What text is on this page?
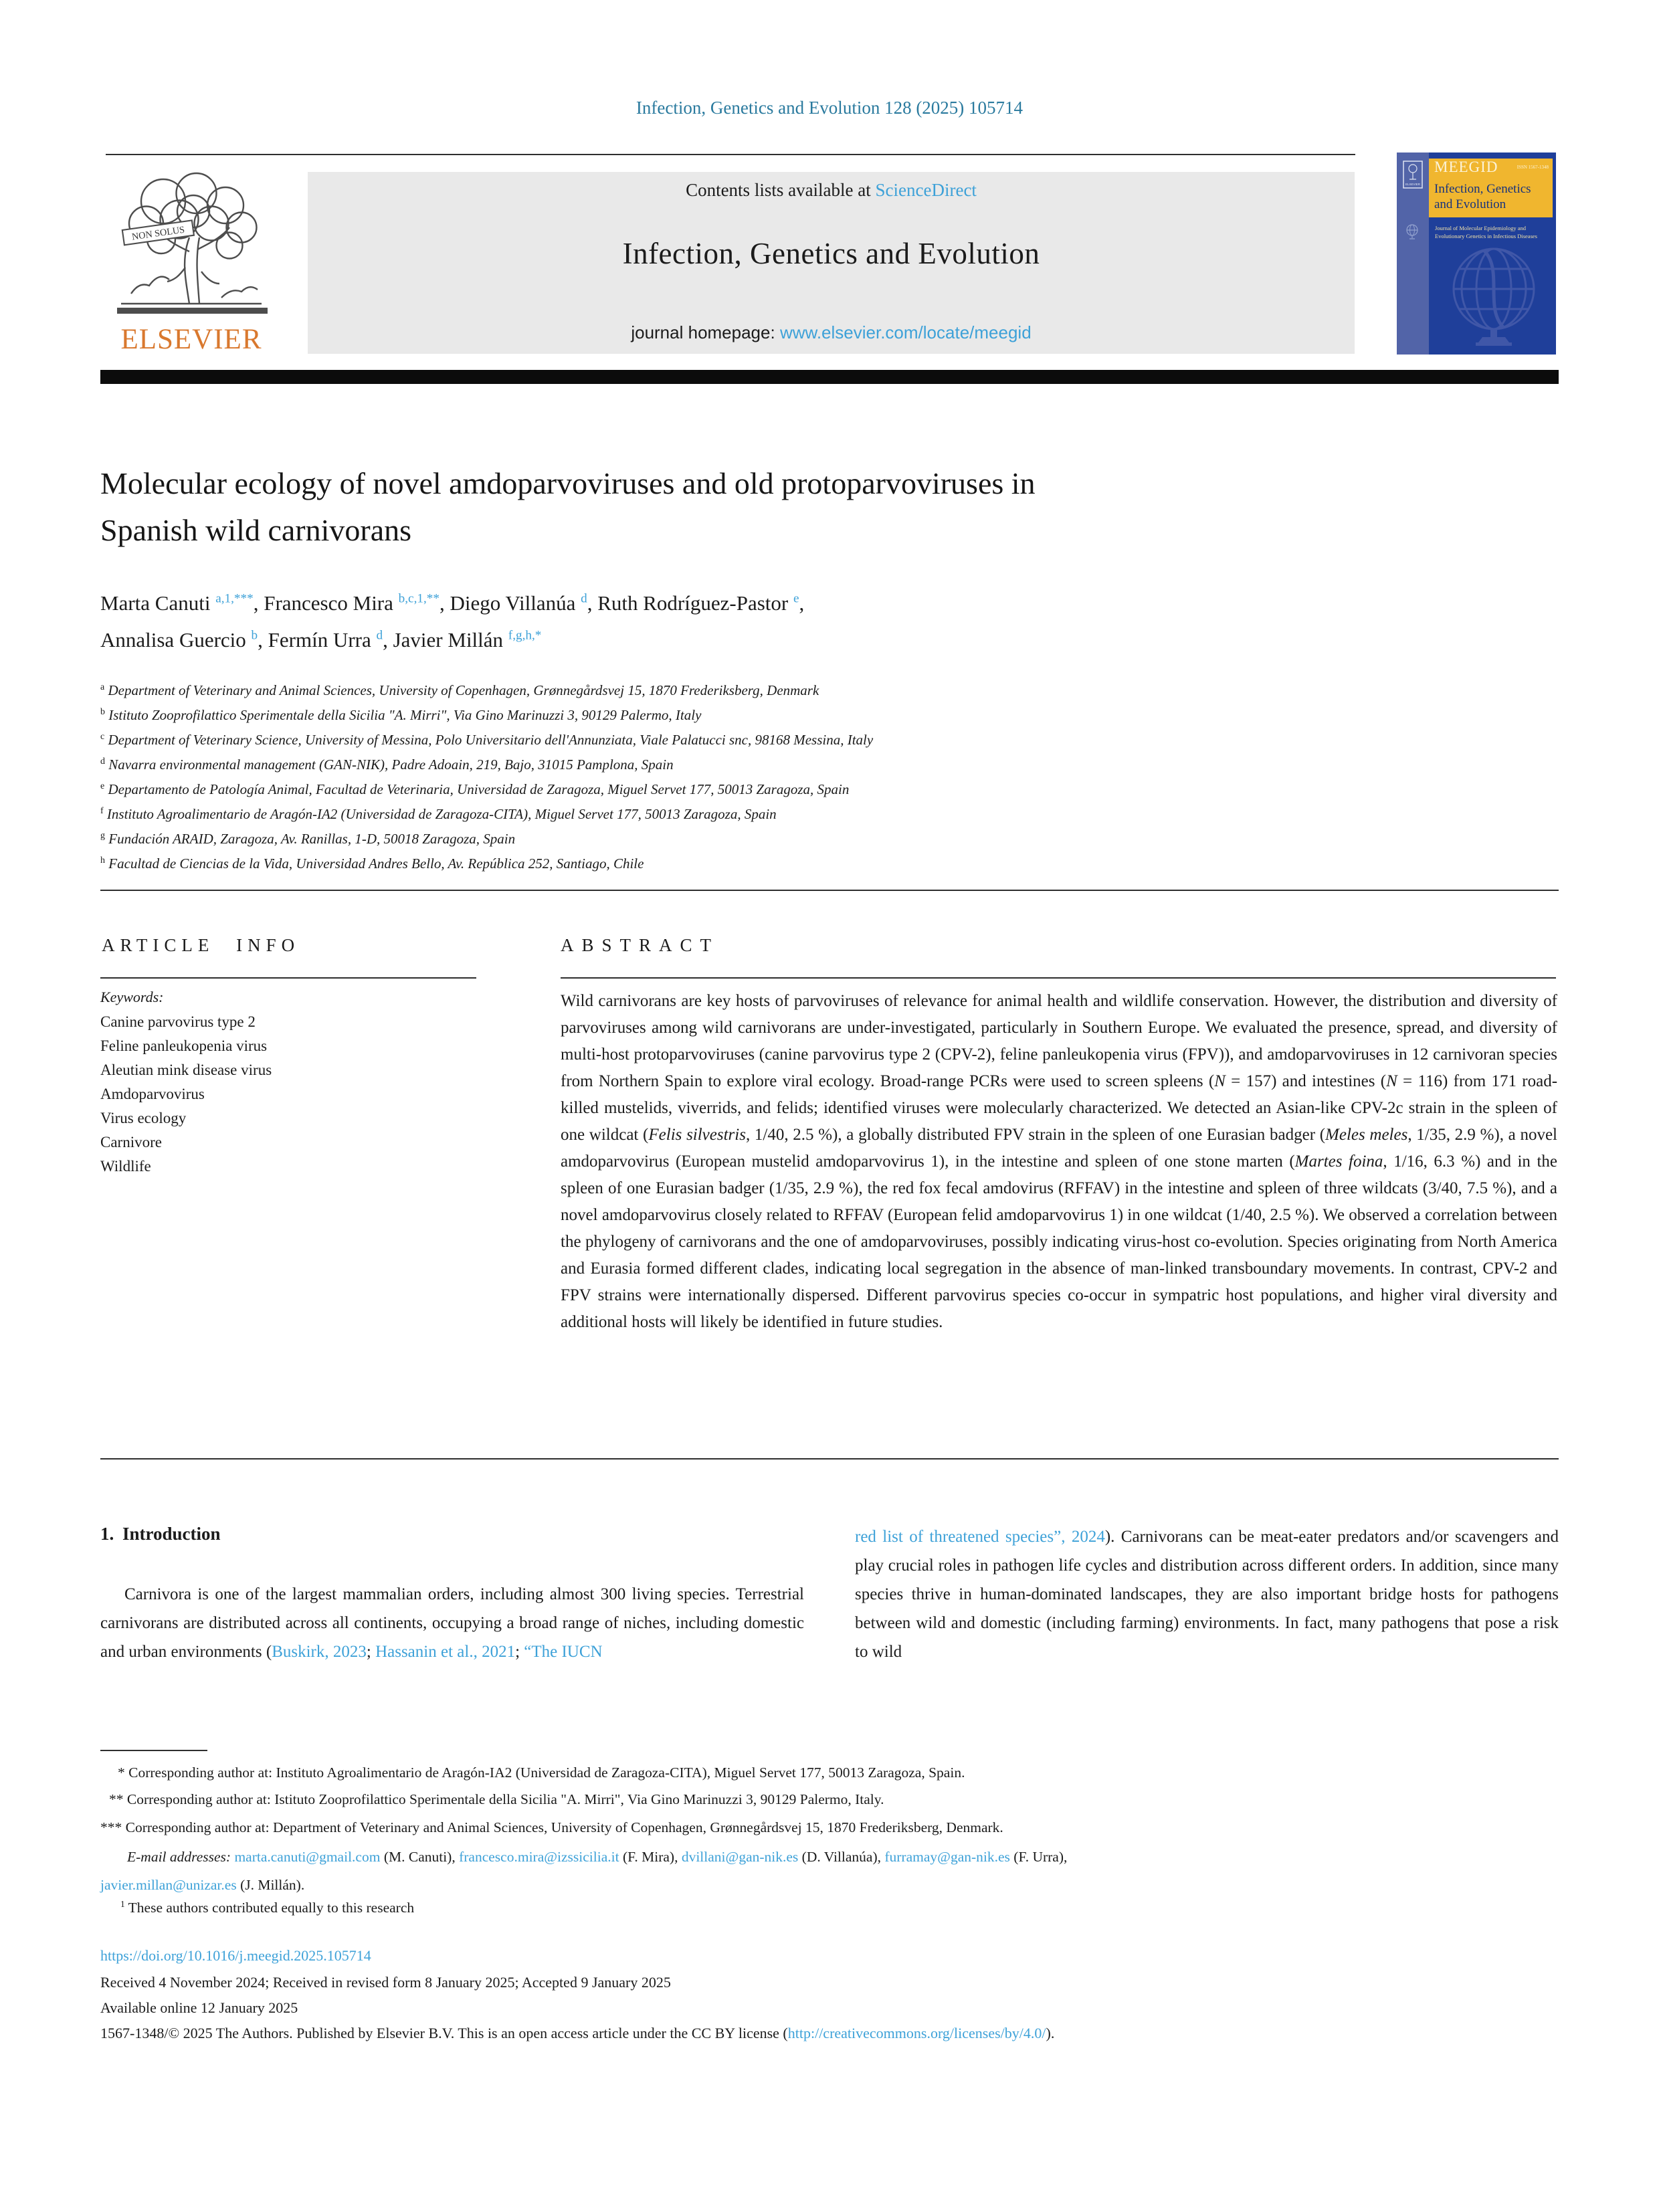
Infection, Genetics and Evolution 128 (2025) 105714
NON SOLUS
ELSEVIER
Contents lists available at ScienceDirect
Infection, Genetics and Evolution
journal homepage: www.elsevier.com/locate/meegid
ELSEVIER
MEEGID	ISSN 1567-1348
Infection, Genetics
and Evolution
Journal of Molecular Epidemiology and
Evolutionary Genetics in Infectious Diseases
Molecular ecology of novel amdoparvoviruses and old protoparvoviruses in
Spanish wild carnivorans
Marta Canuti $^{a,1,***}$, Francesco Mira $^{b,c,1,**}$, Diego Villanúa $^d$, Ruth Rodríguez-Pastor $^e$,
Annalisa Guercio $^b$, Fermín Urra $^d$, Javier Millán $^{f,g,h,*}$
$^a$ Department of Veterinary and Animal Sciences, University of Copenhagen, Grønnegårdsvej 15, 1870 Frederiksberg, Denmark
$^b$ Istituto Zooprofilattico Sperimentale della Sicilia "A. Mirri", Via Gino Marinuzzi 3, 90129 Palermo, Italy
$^c$ Department of Veterinary Science, University of Messina, Polo Universitario dell'Annunziata, Viale Palatucci snc, 98168 Messina, Italy
$^d$ Navarra environmental management (GAN-NIK), Padre Adoain, 219, Bajo, 31015 Pamplona, Spain
$^e$ Departamento de Patología Animal, Facultad de Veterinaria, Universidad de Zaragoza, Miguel Servet 177, 50013 Zaragoza, Spain
$^f$ Instituto Agroalimentario de Aragón-IA2 (Universidad de Zaragoza-CITA), Miguel Servet 177, 50013 Zaragoza, Spain
$^g$ Fundación ARAID, Zaragoza, Av. Ranillas, 1-D, 50018 Zaragoza, Spain
$^h$ Facultad de Ciencias de la Vida, Universidad Andres Bello, Av. República 252, Santiago, Chile
ARTICLE INFO
Keywords:
Canine parvovirus type 2
Feline panleukopenia virus
Aleutian mink disease virus
Amdoparvovirus
Virus ecology
Carnivore
Wildlife
ABSTRACT
Wild carnivorans are key hosts of parvoviruses of relevance for animal health and wildlife conservation. However, the distribution and diversity of parvoviruses among wild carnivorans are under-investigated, particularly in Southern Europe. We evaluated the presence, spread, and diversity of multi-host protoparvoviruses (canine parvovirus type 2 (CPV-2), feline panleukopenia virus (FPV)), and amdoparvoviruses in 12 carnivoran species from Northern Spain to explore viral ecology. Broad-range PCRs were used to screen spleens (N = 157) and intestines (N = 116) from 171 road-killed mustelids, viverrids, and felids; identified viruses were molecularly characterized. We detected an Asian-like CPV-2c strain in the spleen of one wildcat (Felis silvestris, 1/40, 2.5 %), a globally distributed FPV strain in the spleen of one Eurasian badger (Meles meles, 1/35, 2.9 %), a novel amdoparvovirus (European mustelid amdoparvovirus 1), in the intestine and spleen of one stone marten (Martes foina, 1/16, 6.3 %) and in the spleen of one Eurasian badger (1/35, 2.9 %), the red fox fecal amdovirus (RFFAV) in the intestine and spleen of three wildcats (3/40, 7.5 %), and a novel amdoparvovirus closely related to RFFAV (European felid amdoparvovirus 1) in one wildcat (1/40, 2.5 %). We observed a correlation between the phylogeny of carnivorans and the one of amdoparvoviruses, possibly indicating virus-host co-evolution. Species originating from North America and Eurasia formed different clades, indicating local segregation in the absence of man-linked transboundary movements. In contrast, CPV-2 and FPV strains were internationally dispersed. Different parvovirus species co-occur in sympatric host populations, and higher viral diversity and additional hosts will likely be identified in future studies.
1. Introduction
Carnivora is one of the largest mammalian orders, including almost 300 living species. Terrestrial carnivorans are distributed across all continents, occupying a broad range of niches, including domestic and urban environments (Buskirk, 2023; Hassanin et al., 2021; “The IUCN
red list of threatened species”, 2024). Carnivorans can be meat-eater predators and/or scavengers and play crucial roles in pathogen life cycles and distribution across different orders. In addition, since many species thrive in human-dominated landscapes, they are also important bridge hosts for pathogens between wild and domestic (including farming) environments. In fact, many pathogens that pose a risk to wild
* Corresponding author at: Instituto Agroalimentario de Aragón-IA2 (Universidad de Zaragoza-CITA), Miguel Servet 177, 50013 Zaragoza, Spain.
** Corresponding author at: Istituto Zooprofilattico Sperimentale della Sicilia "A. Mirri", Via Gino Marinuzzi 3, 90129 Palermo, Italy.
*** Corresponding author at: Department of Veterinary and Animal Sciences, University of Copenhagen, Grønnegårdsvej 15, 1870 Frederiksberg, Denmark.
E-mail addresses: marta.canuti@gmail.com (M. Canuti), francesco.mira@izssicilia.it (F. Mira), dvillani@gan-nik.es (D. Villanúa), furramay@gan-nik.es (F. Urra),
javier.millan@unizar.es (J. Millán).
$^1$ These authors contributed equally to this research
https://doi.org/10.1016/j.meegid.2025.105714
Received 4 November 2024; Received in revised form 8 January 2025; Accepted 9 January 2025
Available online 12 January 2025
1567-1348/© 2025 The Authors. Published by Elsevier B.V. This is an open access article under the CC BY license (http://creativecommons.org/licenses/by/4.0/).
